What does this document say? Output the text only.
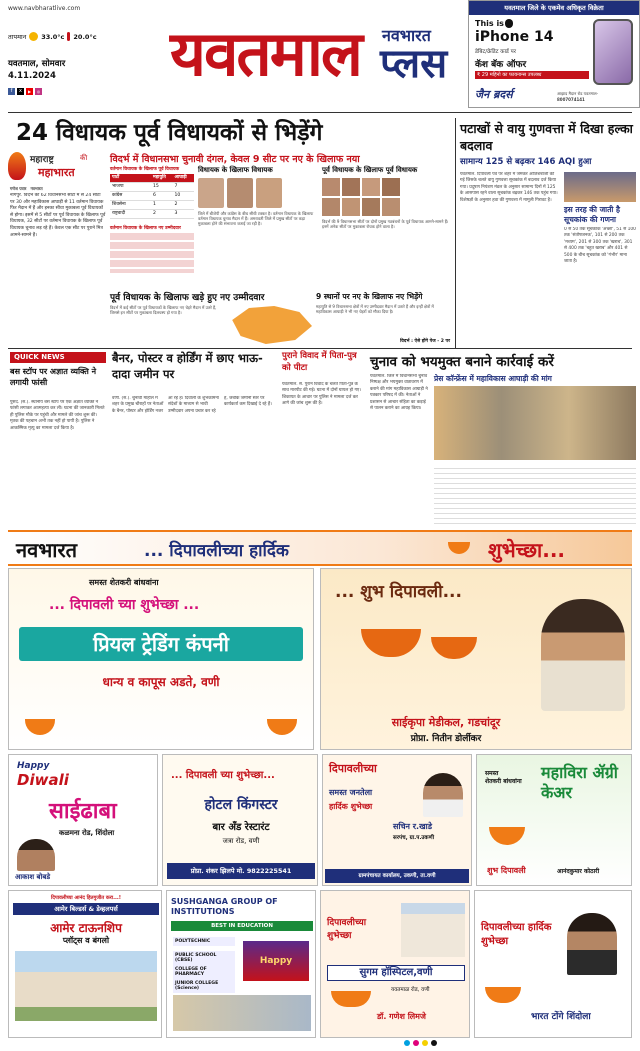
www.navbharatlive.com
तापमान 33.0°c 20.0°c
यवतमाल, सोमवार
4.11.2024
f	x	▶	◎
यवतमाल नवभारत
प्लस
यवतमाल जिले के एकमेव अधिकृत विक्रेता
This is
iPhone 14
डेबिट/क्रेडिट कार्ड पर
कॅश बॅक ऑफर
₹ 29 महिनो का फायनान्स उपलब्ध
जैन ब्रदर्स	आझाद मैदान रोड यवतमाल-
8007074141
24 विधायक पूर्व विधायकों से भिड़ेंगे
महाराष्ट्र	की
महाभारत
गणेश पवार नवभारत
नागपुर. विदर्भ की 62 विधानसभा सीटों में से 24 सीटों पर 30 और महाविकास आघाड़ी से 11 वर्तमान विधायक फिर मैदान में हैं और इनका सीधा मुकाबला पूर्व विधायकों से होगा। इसमें से 5 सीटों पर पूर्व विधायक के खिलाफ पूर्व विधायक, 32 सीटों पर वर्तमान विधायक के खिलाफ पूर्व विधायक चुनाव लड़ रहे हैं। केवल एक सीट पर पुराने मित्र आमने-सामने हैं।
विदर्भ में विधानसभा चुनावी दंगल, केवल 9 सीट पर नए के खिलाफ नया
वर्तमान विधायक के खिलाफ पूर्व विधायक
पार्टी	महायुति	आघाड़ी
भाजपा	15	7
कांग्रेस	6	10
शिवसेना	1	2
राष्ट्रवादी	2	3
वर्तमान विधायक के खिलाफ नए उम्मीदवार
विधायक के खिलाफ विधायक
जिले में बीजेपी और कांग्रेस के बीच सीधी टक्कर है। वर्तमान विधायक के खिलाफ वर्तमान विधायक चुनाव मैदान में हैं। अमरावती जिले में प्रमुख सीटों पर कड़ा मुकाबला होने की संभावना जताई जा रही है।
पूर्व विधायक के खिलाफ पूर्व विधायक
विदर्भ की 9 विधानसभा सीटों पर दोनों प्रमुख गठबंधनों के पूर्व विधायक आमने-सामने हैं। इनमें अनेक सीटों पर मुकाबला रोचक होने वाला है।
पूर्व विधायक के खिलाफ खड़े हुए नए उम्मीदवार
विदर्भ में कई सीटों पर पूर्व विधायकों के खिलाफ नए चेहरे मैदान में उतरे हैं, जिससे इन सीटों पर मुकाबला दिलचस्प हो गया है।
9 स्थानों पर नए के खिलाफ नए भिड़ेंगे
महायुति से 9 विधानसभा क्षेत्रों में नए उम्मीदवार मैदान में उतारे हैं और इन्हीं क्षेत्रों में महाविकास आघाड़ी ने भी नए चेहरों को मौका दिया है।
विदर्भ : ऐसे होंगे पेज - 2 पर
पटाखों से वायु गुणवत्ता में दिखा हल्का बदलाव
सामान्य 125 से बढ़कर 146 AQI हुआ
यवतमाल. दिपावली पर्व पर शहर में जमकर आतिशबाजी की गई जिसके चलते वायु गुणवत्ता सूचकांक में बदलाव दर्ज किया गया। प्रदूषण नियंत्रण मंडल के अनुसार सामान्य दिनों में 125 के आसपास रहने वाला सूचकांक बढ़कर 146 तक पहुंच गया। विशेषज्ञों के अनुसार हवा की गुणवत्ता में मामूली गिरावट है।
इस तरह की जाती है सूचकांक की गणना
0 से 50 तक सूचकांक 'अच्छा', 51 से 100 तक 'संतोषजनक', 101 से 200 तक 'मध्यम', 201 से 300 तक 'खराब', 301 से 400 तक 'बहुत खराब' और 401 से 500 के बीच सूचकांक को 'गंभीर' माना जाता है।
QUICK NEWS
बस स्टॉप पर अज्ञात व्यक्ति ने लगायी फांसी
पुसद. (सं.). स्थानीय बस स्टॉप पर एक अज्ञात व्यक्ति ने फांसी लगाकर आत्महत्या कर ली। घटना की जानकारी मिलते ही पुलिस मौके पर पहुंची और मामले की जांच शुरू की। मृतक की पहचान अभी तक नहीं हो पायी है। पुलिस ने आकस्मिक मृत्यु का मामला दर्ज किया है।
बैनर, पोस्टर व होर्डिंग में छाए भाऊ-दादा जमीन पर
वणी. (सं.). चुनावी माहौल में शहर के प्रमुख चौराहों पर नेताओं के बैनर, पोस्टर और होर्डिंग नजर आ रहे हैं। दिवाली के शुभकामना संदेशों के माध्यम से भावी उम्मीदवार अपना प्रचार कर रहे हैं, जबकि जमीनी स्तर पर कार्यकर्ता कम दिखाई दे रहे हैं।
पुराने विवाद में पिता-पुत्र को पीटा
यवतमाल. सं. पुराने विवाद के चलते पिता-पुत्र के साथ मारपीट की गई। घटना में दोनों घायल हो गए। शिकायत के आधार पर पुलिस ने मामला दर्ज कर आगे की जांच शुरू की है।
चुनाव को भयमुक्त बनाने कार्रवाई करें
यवतमाल. जिले में विधानसभा चुनाव निष्पक्ष और भयमुक्त वातावरण में कराने की मांग महाविकास आघाड़ी ने पत्रकार परिषद में की। नेताओं ने प्रशासन से आचार संहिता का कड़ाई से पालन कराने का आग्रह किया।
प्रेस कॉन्फ्रेंस में महाविकास आघाड़ी की मांग
नवभारत	... दिपावलीच्या हार्दिक	शुभेच्छा...
समस्त शेतकरी बांधवांना
... दिपावली च्या शुभेच्छा ...
प्रियल ट्रेडिंग कंपनी
धान्य व कापूस अडते, वणी
... शुभ दिपावली...
साईकृपा मेडीकल, गडचांदूर
प्रोप्रा. नितीन डोर्लीकर
Happy
Diwali
साईढाबा
कळमना रोड, शिंदोला
आकाश बोबडे
... दिपावली च्या शुभेच्छा...
होटल किंगस्टर
बार अँड रेस्टारंट
जत्रा रोड, वणी
प्रोप्रा. शंकर झिलपे मो. 9822225541
दिपावलीच्या
समस्त जनतेला
हार्दिक शुभेच्छा
सचिन र.खाडे
सरपंच, ग्रा.प.उकणी
ग्रामपंचायत कार्यालय, उकणी, ता.वणी
समस्त
शेतकरी बांधवांना महाविरा ॲग्री केअर
शुभ दिपावली	आनंदकुमार कोठारी
दिपावलीच्या आनंद हितगुजीत करा...!
आमेर बिल्डर्स & डेव्हलपर्स
आमेर टाऊनशिप
प्लॉट्स व बंगलो
SUSHGANGA GROUP OF INSTITUTIONS
BEST IN EDUCATION
POLYTECHNIC
PUBLIC SCHOOL (CBSE)
COLLEGE OF PHARMACY
JUNIOR COLLEGE (Science)
Happy
दिपावलीच्या शुभेच्छा
सुगम हॉस्पिटल,वणी
यवतमाळ रोड, वणी
डॉ. गणेश लिमजे
दिपावलीच्या हार्दिक शुभेच्छा
भारत टोंगे शिंदोला
